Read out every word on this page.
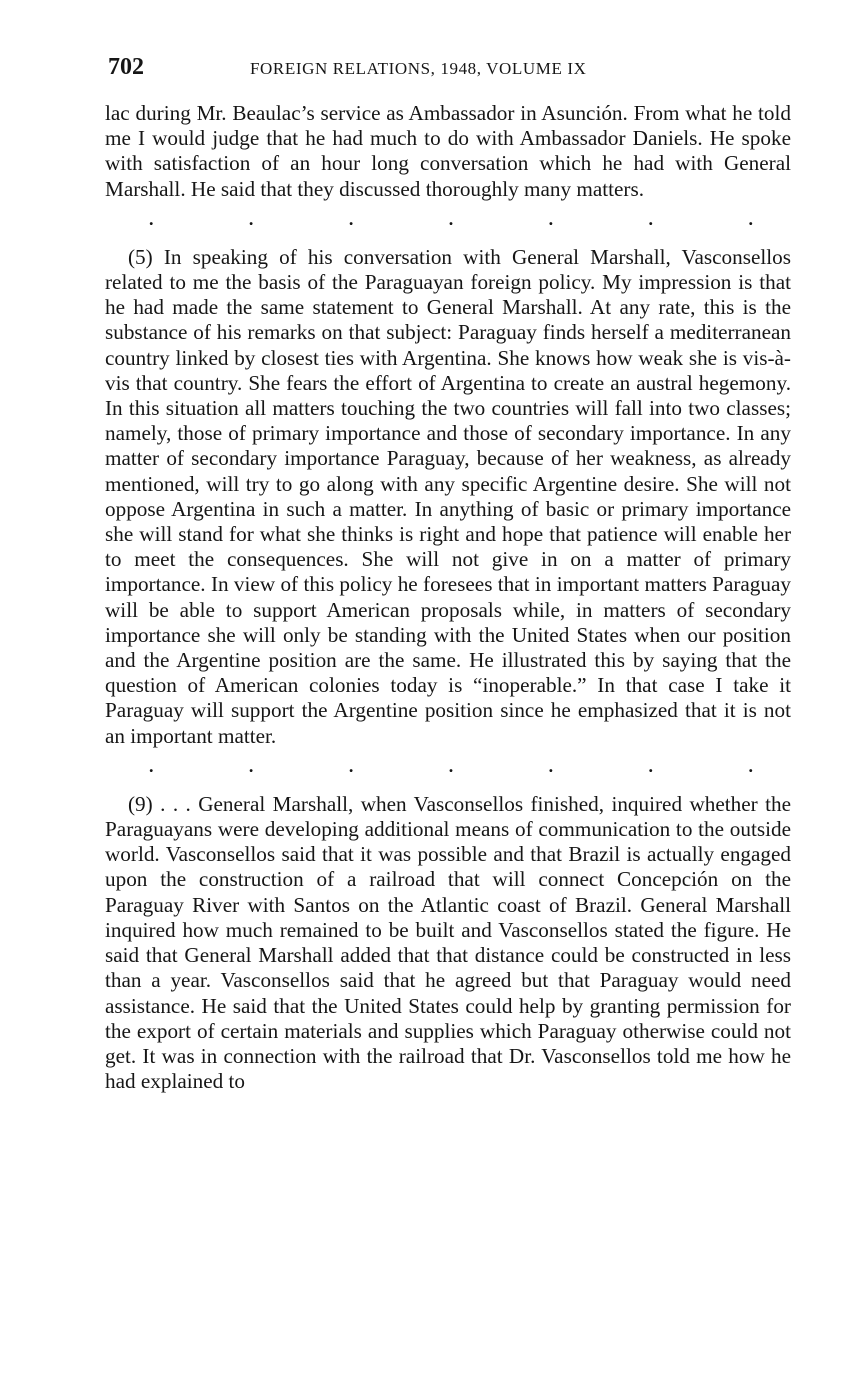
702	FOREIGN RELATIONS, 1948, VOLUME IX

lac during Mr. Beaulac’s service as Ambassador in Asunción. From what he told me I would judge that he had much to do with Ambassador Daniels. He spoke with satisfaction of an hour long conversation which he had with General Marshall. He said that they discussed thoroughly many matters.

.	.	.	.	.	.	.

(5) In speaking of his conversation with General Marshall, Vasconsellos related to me the basis of the Paraguayan foreign policy. My impression is that he had made the same statement to General Marshall. At any rate, this is the substance of his remarks on that subject: Paraguay finds herself a mediterranean country linked by closest ties with Argentina. She knows how weak she is vis-à-vis that country. She fears the effort of Argentina to create an austral hegemony. In this situation all matters touching the two countries will fall into two classes; namely, those of primary importance and those of secondary importance. In any matter of secondary importance Paraguay, because of her weakness, as already mentioned, will try to go along with any specific Argentine desire. She will not oppose Argentina in such a matter. In anything of basic or primary importance she will stand for what she thinks is right and hope that patience will enable her to meet the consequences. She will not give in on a matter of primary importance. In view of this policy he foresees that in important matters Paraguay will be able to support American proposals while, in matters of secondary importance she will only be standing with the United States when our position and the Argentine position are the same. He illustrated this by saying that the question of American colonies today is “inoperable.” In that case I take it Paraguay will support the Argentine position since he emphasized that it is not an important matter.

.	.	.	.	.	.	.

(9) . . . General Marshall, when Vasconsellos finished, inquired whether the Paraguayans were developing additional means of communication to the outside world. Vasconsellos said that it was possible and that Brazil is actually engaged upon the construction of a railroad that will connect Concepción on the Paraguay River with Santos on the Atlantic coast of Brazil. General Marshall inquired how much remained to be built and Vasconsellos stated the figure. He said that General Marshall added that that distance could be constructed in less than a year. Vasconsellos said that he agreed but that Paraguay would need assistance. He said that the United States could help by granting permission for the export of certain materials and supplies which Paraguay otherwise could not get. It was in connection with the railroad that Dr. Vasconsellos told me how he had explained to
